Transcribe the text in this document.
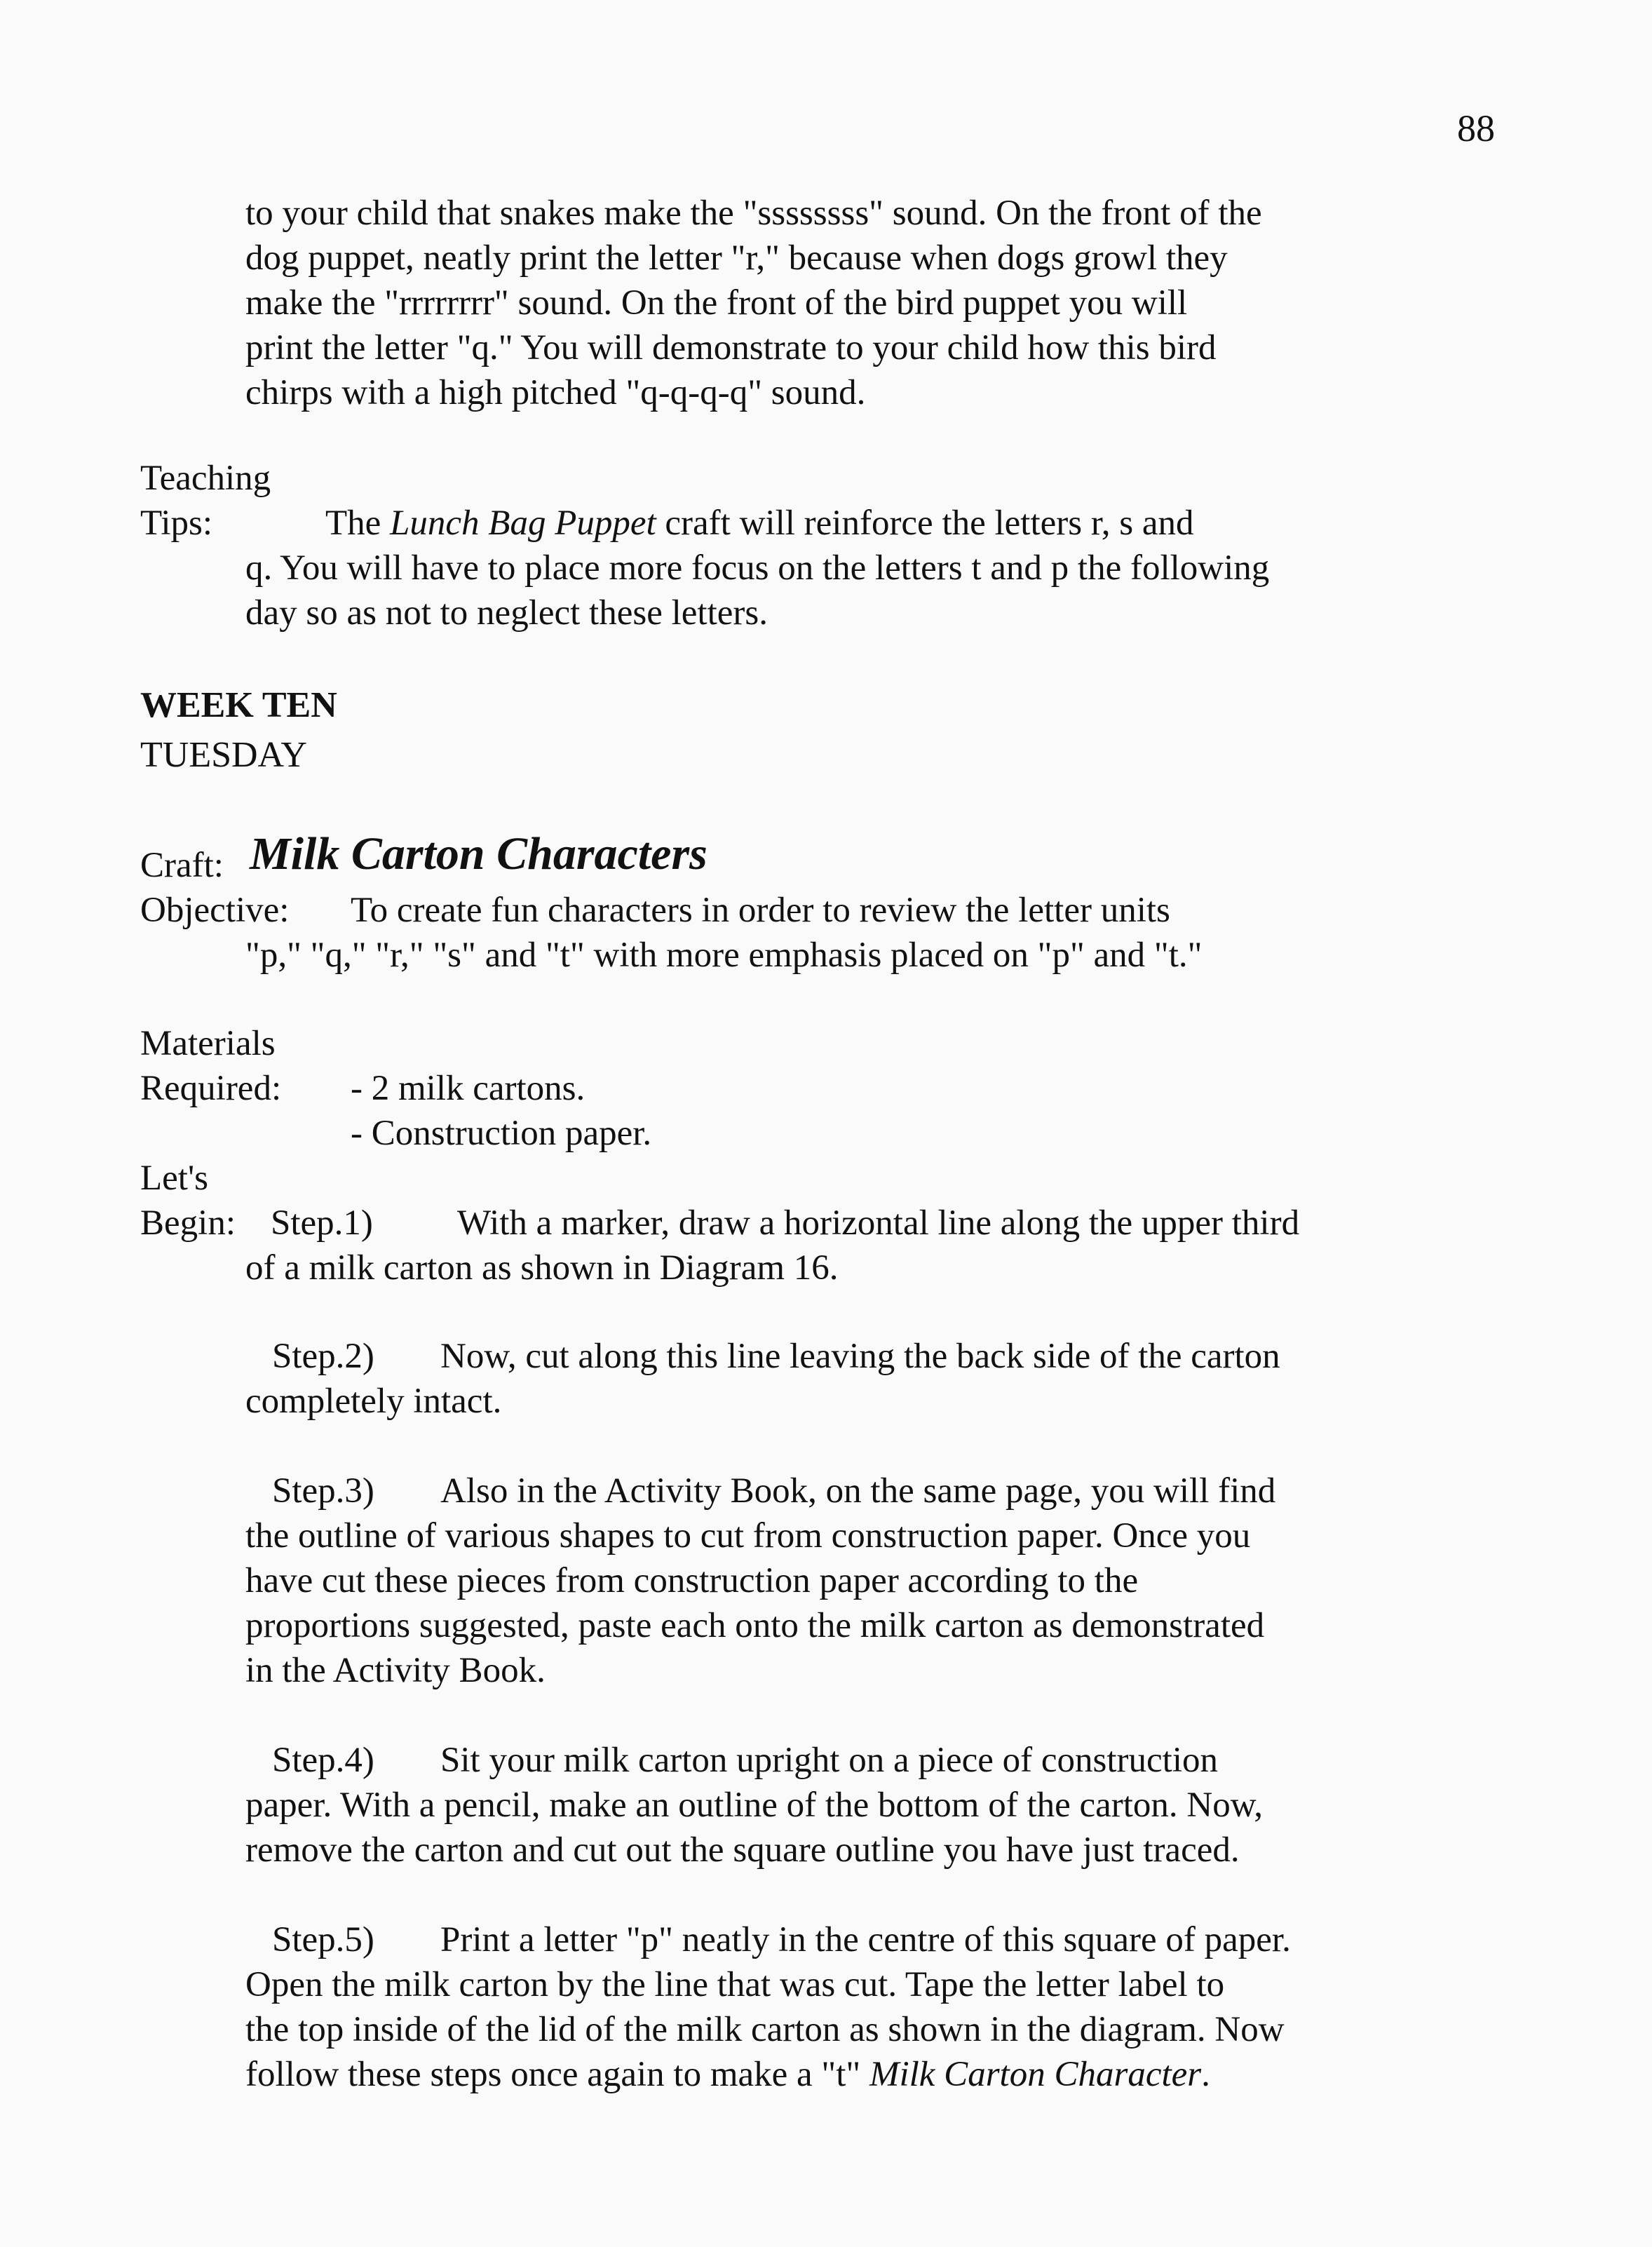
88
to your child that snakes make the "ssssssss" sound. On the front of the
dog puppet, neatly print the letter "r," because when dogs growl they
make the "rrrrrrrr" sound. On the front of the bird puppet you will
print the letter "q." You will demonstrate to your child how this bird
chirps with a high pitched "q-q-q-q" sound.
Teaching
Tips:	The Lunch Bag Puppet craft will reinforce the letters r, s and
q. You will have to place more focus on the letters t and p the following
day so as not to neglect these letters.
WEEK TEN
TUESDAY
Craft: Milk Carton Characters
Objective: To create fun characters in order to review the letter units
"p," "q," "r," "s" and "t" with more emphasis placed on "p" and "t."
Materials
Required: - 2 milk cartons.
- Construction paper.
Let's
Begin: Step.1) With a marker, draw a horizontal line along the upper third
of a milk carton as shown in Diagram 16.
Step.2) Now, cut along this line leaving the back side of the carton
completely intact.
Step.3) Also in the Activity Book, on the same page, you will find
the outline of various shapes to cut from construction paper. Once you
have cut these pieces from construction paper according to the
proportions suggested, paste each onto the milk carton as demonstrated
in the Activity Book.
Step.4) Sit your milk carton upright on a piece of construction
paper. With a pencil, make an outline of the bottom of the carton. Now,
remove the carton and cut out the square outline you have just traced.
Step.5) Print a letter "p" neatly in the centre of this square of paper.
Open the milk carton by the line that was cut. Tape the letter label to
the top inside of the lid of the milk carton as shown in the diagram. Now
follow these steps once again to make a "t" Milk Carton Character.
